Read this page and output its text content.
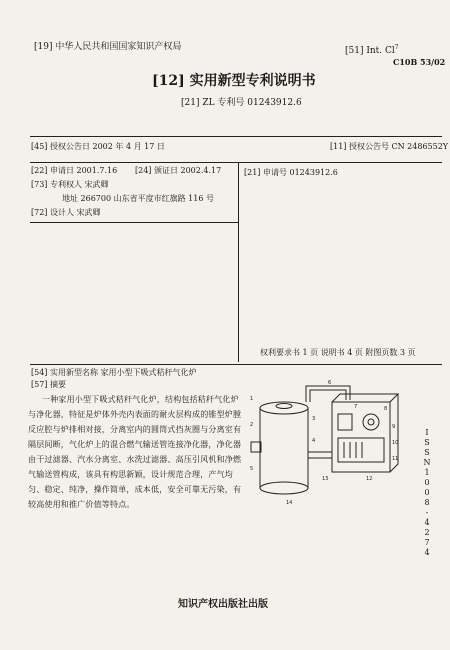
[19] 中华人民共和国国家知识产权局	[51] Int. Cl$^7$
C10B 53/02
[12] 实用新型专利说明书
[21] ZL 专利号 01243912.6
[45] 授权公告日 2002 年 4 月 17 日	[11] 授权公告号 CN 2486552Y
[22] 申请日 2001.7.16 [24] 颁证日 2002.4.17	[21] 申请号 01243912.6
[73] 专利权人 宋武卿
地址 266700 山东省平度市红旗路 116 号
[72] 设计人 宋武卿
权利要求书 1 页 说明书 4 页 附图页数 3 页
[54] 实用新型名称 家用小型下吸式秸秆气化炉
[57] 摘要
一种家用小型下吸式秸秆气化炉，结构包括秸秆气化炉与净化器，特征是炉体外壳内表面的耐火层构成的锥型炉膛反应腔与炉排相对接，分离室内的圆筒式挡灰圈与分离室有隔层间断，气化炉上的混合燃气输送管连接净化器，净化器由干过滤器、汽水分离室、水洗过滤器、高压引风机和净燃气输送管构成，该具有构思新颖，设计规范合理，产气均匀、稳定、纯净，操作简单，成本低，安全可靠无污染，有较高使用和推广价值等特点。
1
2
3
4
5
6
7	8
9
10
11
12
13
14
I
S
S
N
1
0
0
8
-
4
2
7
4
知识产权出版社出版
